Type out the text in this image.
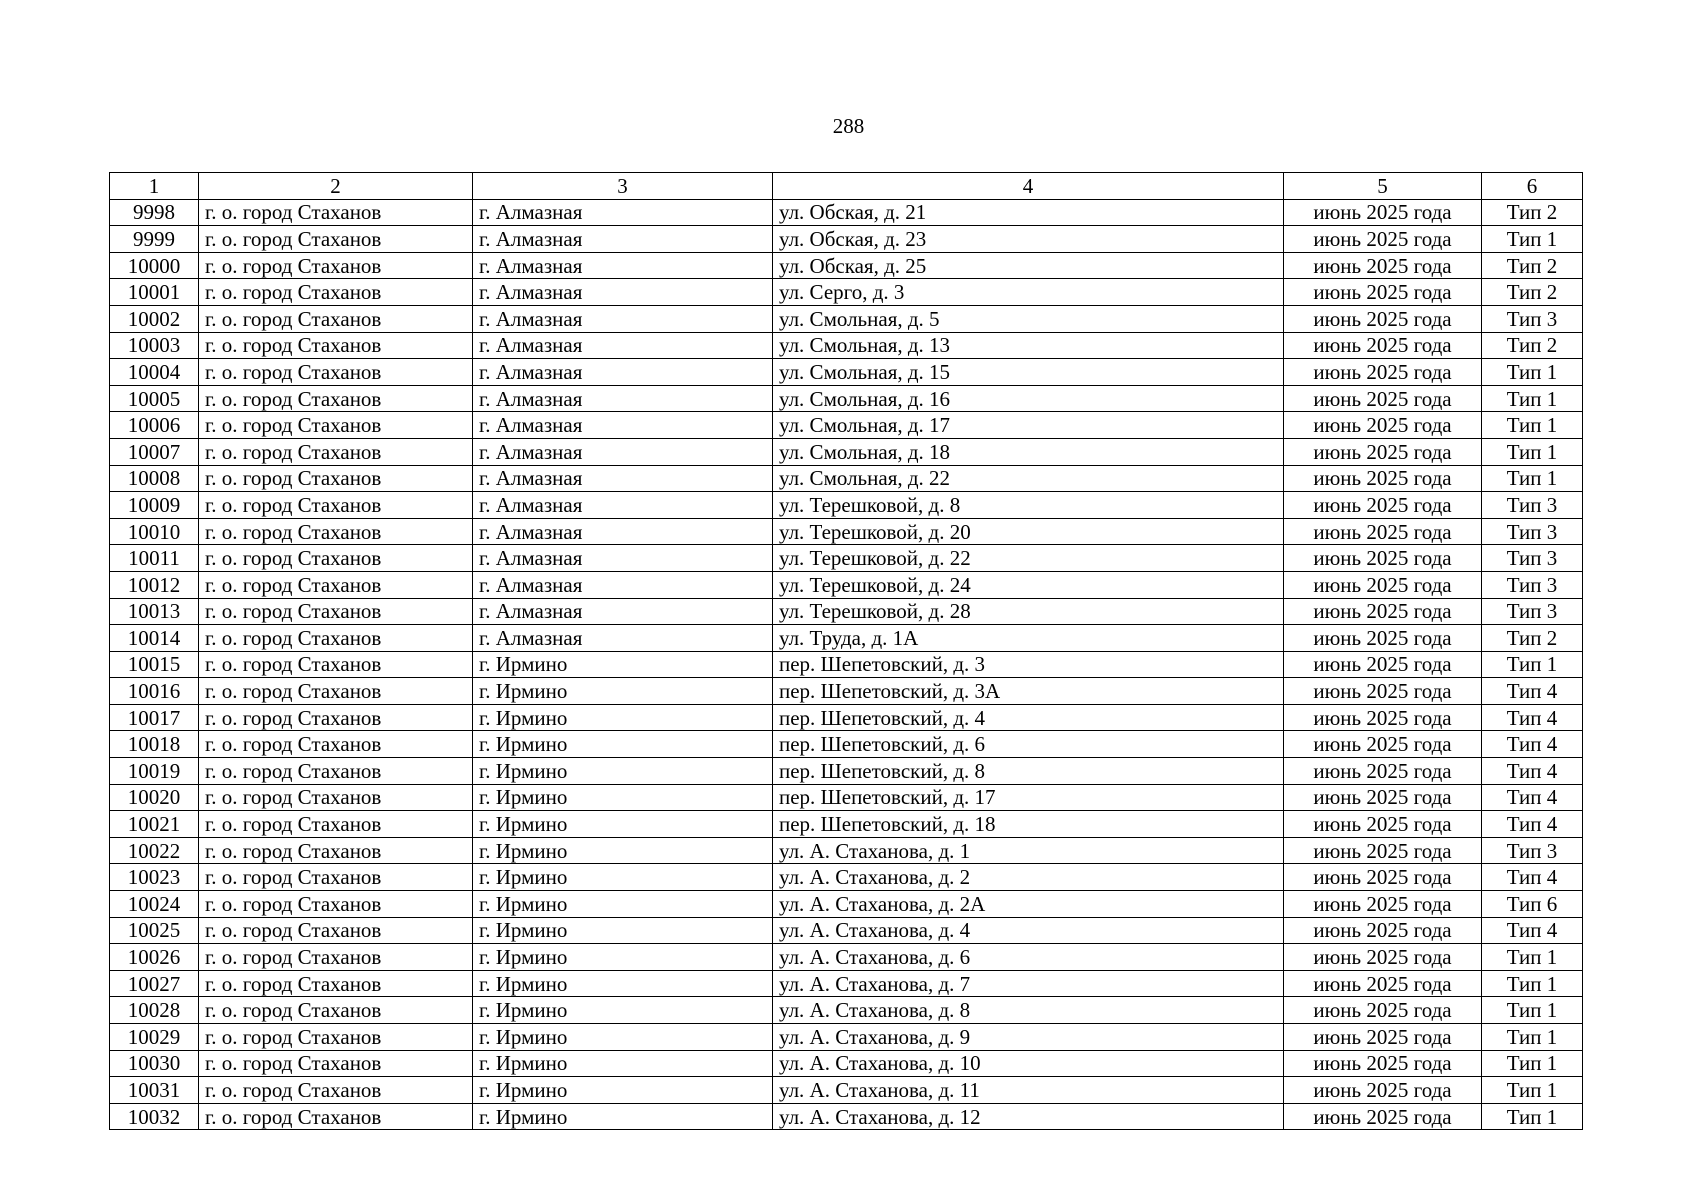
288
1	2	3	4	5	6
9998	г. о. город Стаханов	г. Алмазная	ул. Обская, д. 21	июнь 2025 года	Тип 2
9999	г. о. город Стаханов	г. Алмазная	ул. Обская, д. 23	июнь 2025 года	Тип 1
10000	г. о. город Стаханов	г. Алмазная	ул. Обская, д. 25	июнь 2025 года	Тип 2
10001	г. о. город Стаханов	г. Алмазная	ул. Серго, д. 3	июнь 2025 года	Тип 2
10002	г. о. город Стаханов	г. Алмазная	ул. Смольная, д. 5	июнь 2025 года	Тип 3
10003	г. о. город Стаханов	г. Алмазная	ул. Смольная, д. 13	июнь 2025 года	Тип 2
10004	г. о. город Стаханов	г. Алмазная	ул. Смольная, д. 15	июнь 2025 года	Тип 1
10005	г. о. город Стаханов	г. Алмазная	ул. Смольная, д. 16	июнь 2025 года	Тип 1
10006	г. о. город Стаханов	г. Алмазная	ул. Смольная, д. 17	июнь 2025 года	Тип 1
10007	г. о. город Стаханов	г. Алмазная	ул. Смольная, д. 18	июнь 2025 года	Тип 1
10008	г. о. город Стаханов	г. Алмазная	ул. Смольная, д. 22	июнь 2025 года	Тип 1
10009	г. о. город Стаханов	г. Алмазная	ул. Терешковой, д. 8	июнь 2025 года	Тип 3
10010	г. о. город Стаханов	г. Алмазная	ул. Терешковой, д. 20	июнь 2025 года	Тип 3
10011	г. о. город Стаханов	г. Алмазная	ул. Терешковой, д. 22	июнь 2025 года	Тип 3
10012	г. о. город Стаханов	г. Алмазная	ул. Терешковой, д. 24	июнь 2025 года	Тип 3
10013	г. о. город Стаханов	г. Алмазная	ул. Терешковой, д. 28	июнь 2025 года	Тип 3
10014	г. о. город Стаханов	г. Алмазная	ул. Труда, д. 1А	июнь 2025 года	Тип 2
10015	г. о. город Стаханов	г. Ирмино	пер. Шепетовский, д. 3	июнь 2025 года	Тип 1
10016	г. о. город Стаханов	г. Ирмино	пер. Шепетовский, д. 3А	июнь 2025 года	Тип 4
10017	г. о. город Стаханов	г. Ирмино	пер. Шепетовский, д. 4	июнь 2025 года	Тип 4
10018	г. о. город Стаханов	г. Ирмино	пер. Шепетовский, д. 6	июнь 2025 года	Тип 4
10019	г. о. город Стаханов	г. Ирмино	пер. Шепетовский, д. 8	июнь 2025 года	Тип 4
10020	г. о. город Стаханов	г. Ирмино	пер. Шепетовский, д. 17	июнь 2025 года	Тип 4
10021	г. о. город Стаханов	г. Ирмино	пер. Шепетовский, д. 18	июнь 2025 года	Тип 4
10022	г. о. город Стаханов	г. Ирмино	ул. А. Стаханова, д. 1	июнь 2025 года	Тип 3
10023	г. о. город Стаханов	г. Ирмино	ул. А. Стаханова, д. 2	июнь 2025 года	Тип 4
10024	г. о. город Стаханов	г. Ирмино	ул. А. Стаханова, д. 2А	июнь 2025 года	Тип 6
10025	г. о. город Стаханов	г. Ирмино	ул. А. Стаханова, д. 4	июнь 2025 года	Тип 4
10026	г. о. город Стаханов	г. Ирмино	ул. А. Стаханова, д. 6	июнь 2025 года	Тип 1
10027	г. о. город Стаханов	г. Ирмино	ул. А. Стаханова, д. 7	июнь 2025 года	Тип 1
10028	г. о. город Стаханов	г. Ирмино	ул. А. Стаханова, д. 8	июнь 2025 года	Тип 1
10029	г. о. город Стаханов	г. Ирмино	ул. А. Стаханова, д. 9	июнь 2025 года	Тип 1
10030	г. о. город Стаханов	г. Ирмино	ул. А. Стаханова, д. 10	июнь 2025 года	Тип 1
10031	г. о. город Стаханов	г. Ирмино	ул. А. Стаханова, д. 11	июнь 2025 года	Тип 1
10032	г. о. город Стаханов	г. Ирмино	ул. А. Стаханова, д. 12	июнь 2025 года	Тип 1
